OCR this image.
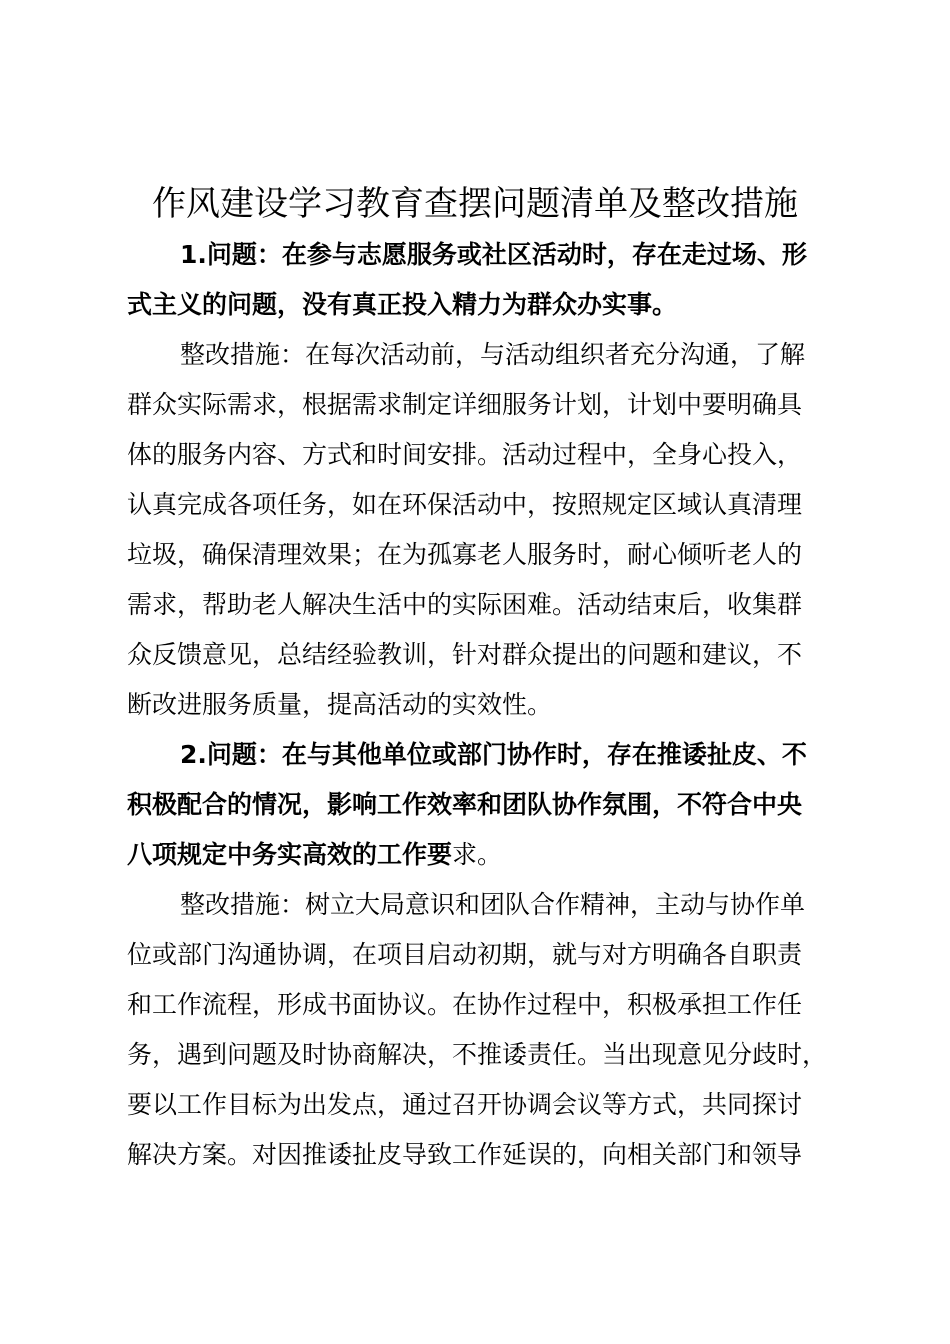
作风建设学习教育查摆问题清单及整改措施
1.问题：在参与志愿服务或社区活动时，存在走过场、形
式主义的问题，没有真正投入精力为群众办实事。
整改措施：在每次活动前，与活动组织者充分沟通，了解
群众实际需求，根据需求制定详细服务计划，计划中要明确具
体的服务内容、方式和时间安排。活动过程中，全身心投入，
认真完成各项任务，如在环保活动中，按照规定区域认真清理
垃圾，确保清理效果；在为孤寡老人服务时，耐心倾听老人的
需求，帮助老人解决生活中的实际困难。活动结束后，收集群
众反馈意见，总结经验教训，针对群众提出的问题和建议，不
断改进服务质量，提高活动的实效性。
2.问题：在与其他单位或部门协作时，存在推诿扯皮、不
积极配合的情况，影响工作效率和团队协作氛围，不符合中央
八项规定中务实高效的工作要求。
整改措施：树立大局意识和团队合作精神，主动与协作单
位或部门沟通协调，在项目启动初期，就与对方明确各自职责
和工作流程，形成书面协议。在协作过程中，积极承担工作任
务，遇到问题及时协商解决，不推诿责任。当出现意见分歧时，
要以工作目标为出发点，通过召开协调会议等方式，共同探讨
解决方案。对因推诿扯皮导致工作延误的，向相关部门和领导
